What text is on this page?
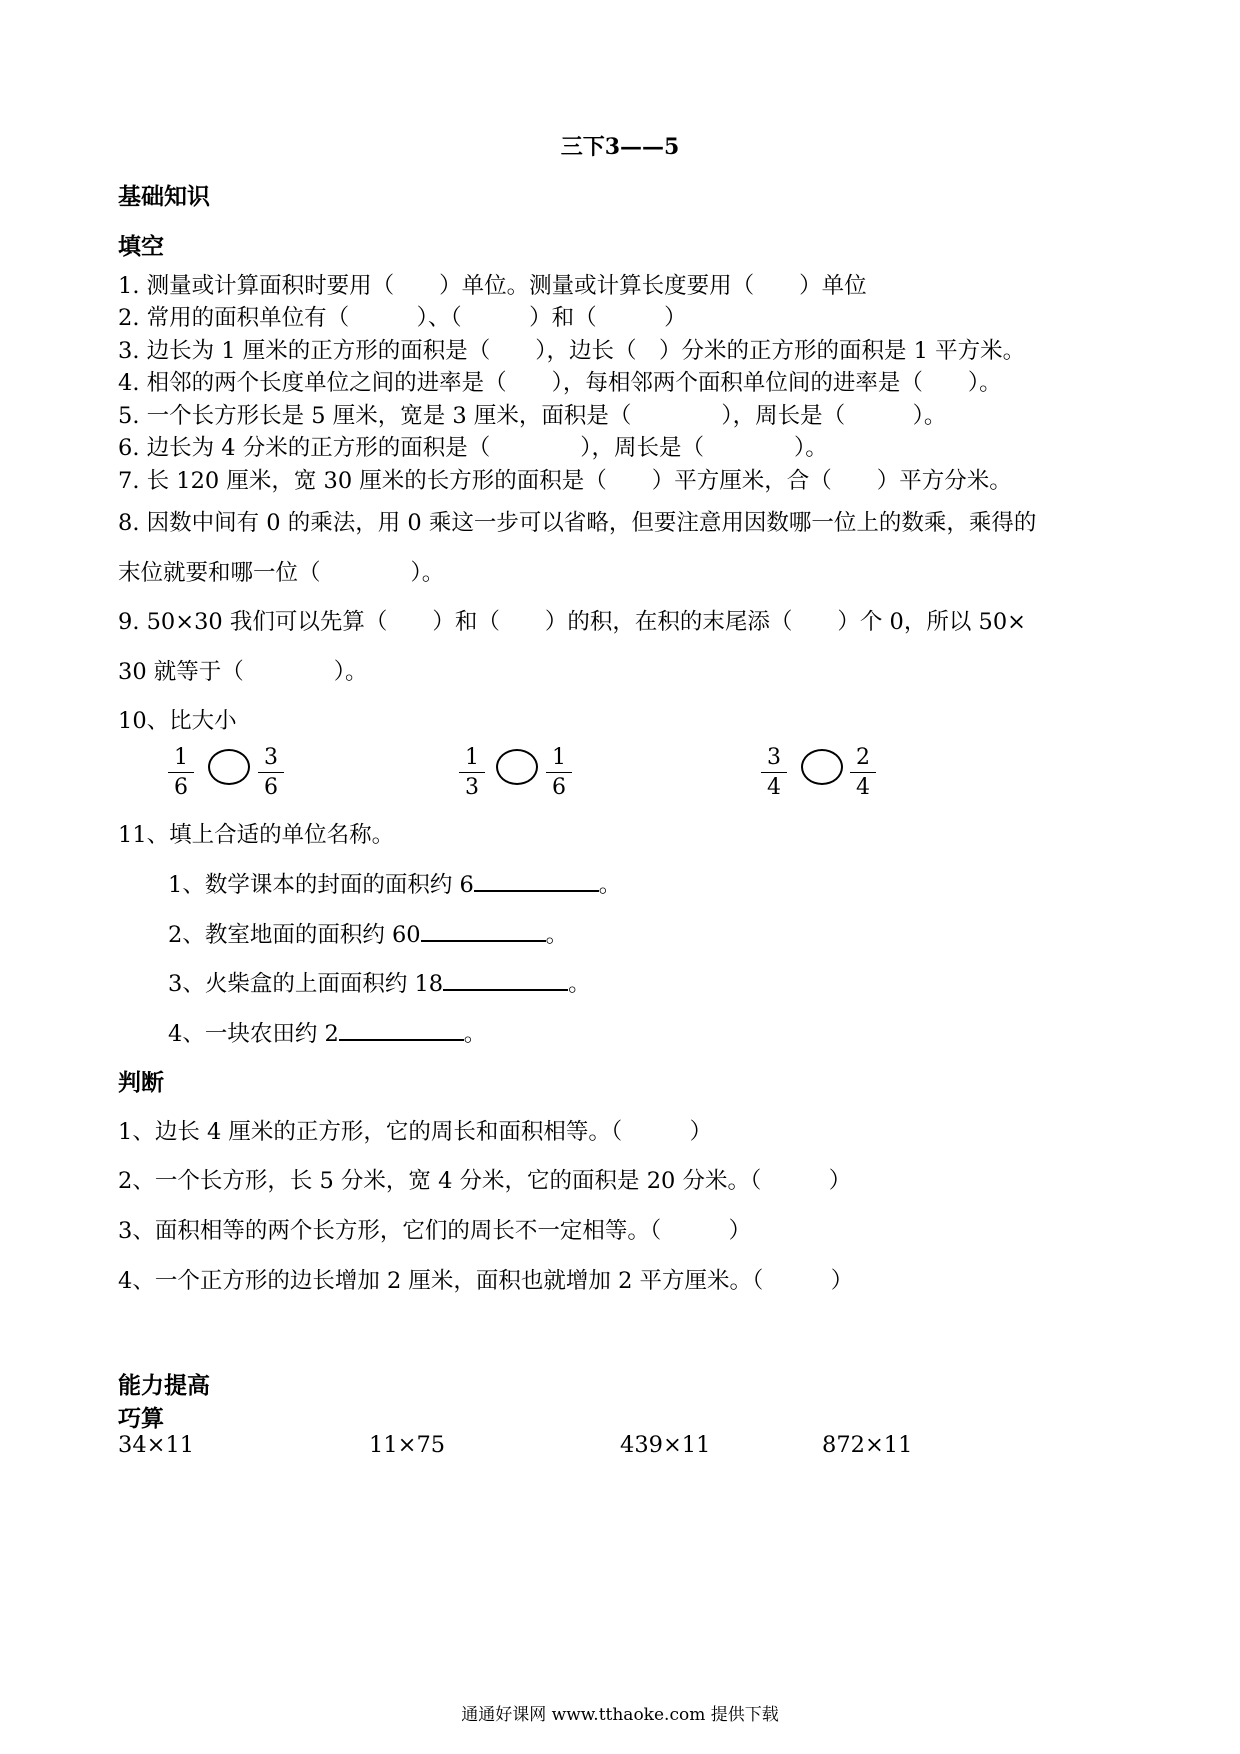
三下3——5
基础知识
填空
1. 测量或计算面积时要用（　　）单位。测量或计算长度要用（　　）单位
2. 常用的面积单位有（　　　）、（　　　）和（　　　）
3. 边长为 1 厘米的正方形的面积是（　　），边长（　）分米的正方形的面积是 1 平方米。
4. 相邻的两个长度单位之间的进率是（　　），每相邻两个面积单位间的进率是（　　）。
5. 一个长方形长是 5 厘米，宽是 3 厘米，面积是（　　　　），周长是（　　　）。
6. 边长为 4 分米的正方形的面积是（　　　　），周长是（　　　　）。
7. 长 120 厘米，宽 30 厘米的长方形的面积是（　　）平方厘米，合（　　）平方分米。
8. 因数中间有 0 的乘法，用 0 乘这一步可以省略，但要注意用因数哪一位上的数乘，乘得的
末位就要和哪一位（　　　　）。
9. 50×30 我们可以先算（　　）和（　　）的积，在积的末尾添（　　）个 0，所以 50×
30 就等于（　　　　）。
10、比大小
$\frac{1}{6}$	$\frac{3}{6}$	$\frac{1}{3}$	$\frac{1}{6}$	$\frac{3}{4}$	$\frac{2}{4}$
11、填上合适的单位名称。
1、数学课本的封面的面积约 6	。
2、教室地面的面积约 60	。
3、火柴盒的上面面积约 18	。
4、一块农田约 2	。
判断
1、边长 4 厘米的正方形，它的周长和面积相等。（　　　）
2、一个长方形，长 5 分米，宽 4 分米，它的面积是 20 分米。（　　　）
3、面积相等的两个长方形，它们的周长不一定相等。（　　　）
4、一个正方形的边长增加 2 厘米，面积也就增加 2 平方厘米。（　　　）
能力提高
巧算
34×11	11×75	439×11	872×11
通通好课网 www.tthaoke.com 提供下载
